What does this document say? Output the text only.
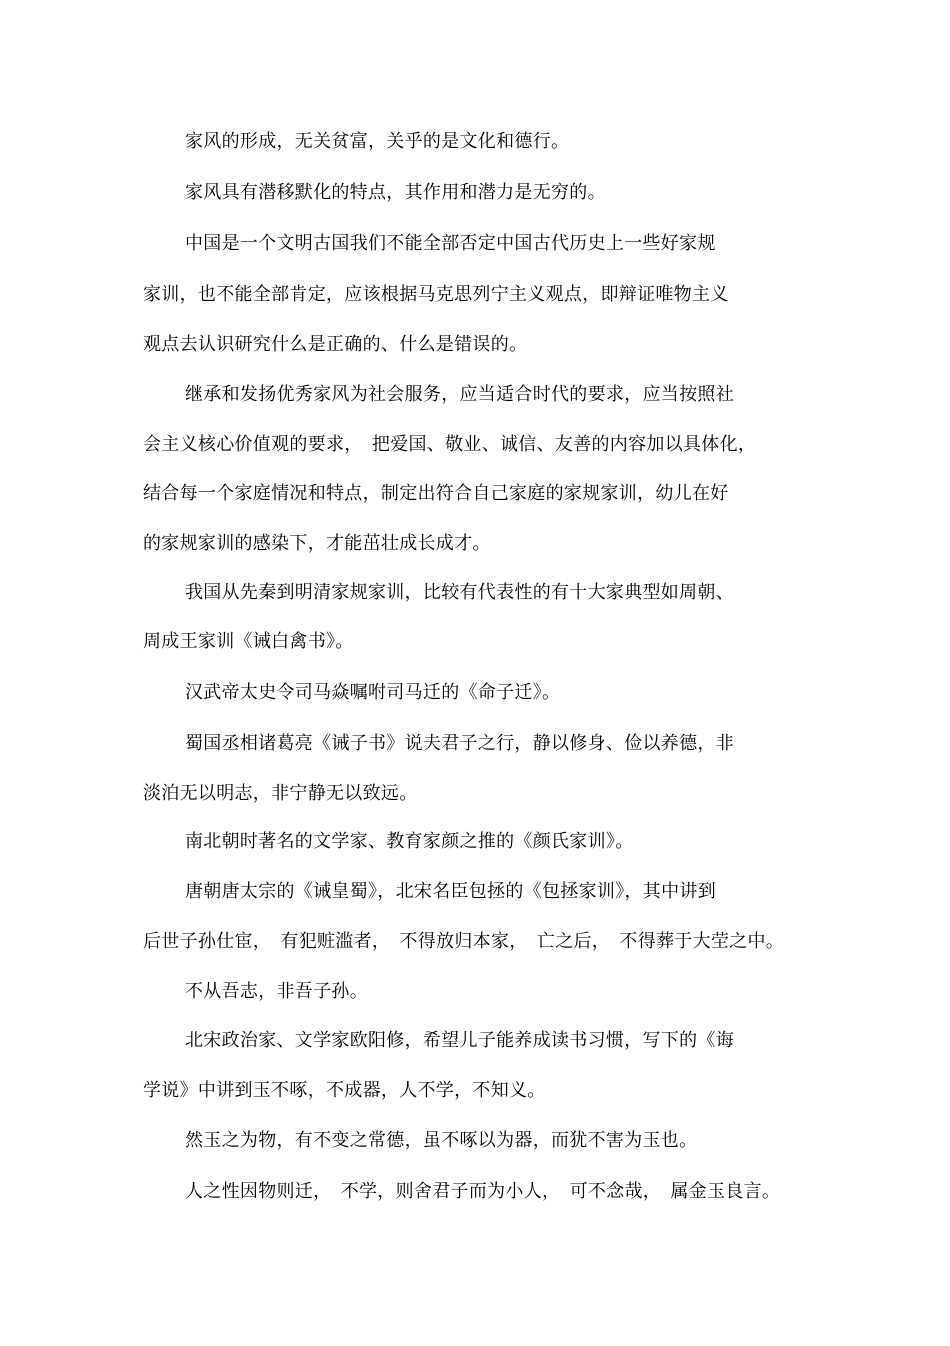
家风的形成，无关贫富，关乎的是文化和德行。
家风具有潜移默化的特点，其作用和潜力是无穷的。
中国是一个文明古国我们不能全部否定中国古代历史上一些好家规
家训，也不能全部肯定，应该根据马克思列宁主义观点，即辩证唯物主义
观点去认识研究什么是正确的、什么是错误的。
继承和发扬优秀家风为社会服务，应当适合时代的要求，应当按照社
会主义核心价值观的要求，　把爱国、敬业、诚信、友善的内容加以具体化，
结合每一个家庭情况和特点，制定出符合自己家庭的家规家训，幼儿在好
的家规家训的感染下，才能茁壮成长成才。
我国从先秦到明清家规家训，比较有代表性的有十大家典型如周朝、
周成王家训《诫白禽书》。
汉武帝太史令司马焱嘱咐司马迁的《命子迁》。
蜀国丞相诸葛亮《诫子书》说夫君子之行，静以修身、俭以养德，非
淡泊无以明志，非宁静无以致远。
南北朝时著名的文学家、教育家颜之推的《颜氏家训》。
唐朝唐太宗的《诫皇蜀》，北宋名臣包拯的《包拯家训》，其中讲到
后世子孙仕宦，　有犯赃滥者，　不得放归本家，　亡之后，　不得葬于大茔之中。
不从吾志，非吾子孙。
北宋政治家、文学家欧阳修，希望儿子能养成读书习惯，写下的《诲
学说》中讲到玉不啄，不成器，人不学，不知义。
然玉之为物，有不变之常德，虽不啄以为器，而犹不害为玉也。
人之性因物则迁，　不学，则舍君子而为小人，　可不念哉，　属金玉良言。
